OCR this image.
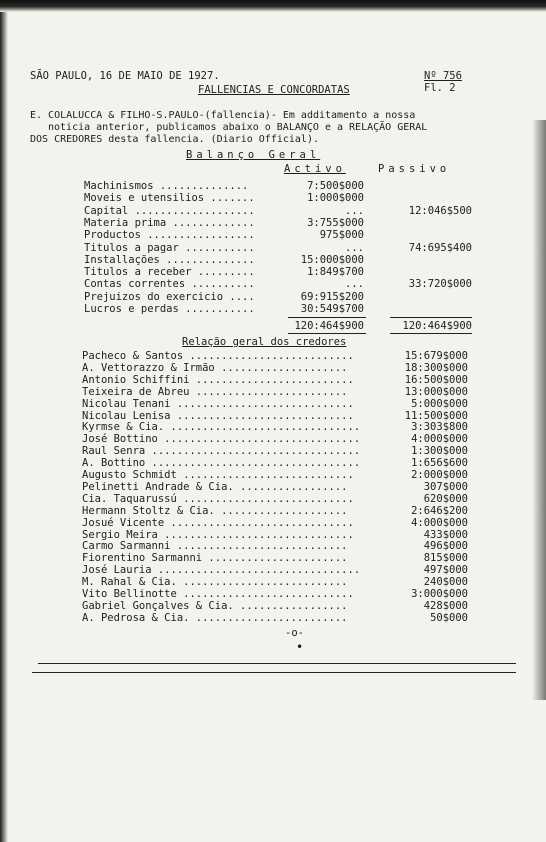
SÃO PAULO, 16 DE MAIO DE 1927.
FALLENCIAS E CONCORDATAS
Nº 756
Fl. 2
E. COLALUCCA & FILHO-S.PAULO-(fallencia)- Em additamento a nossa
noticia anterior, publicamos abaixo o BALANÇO e a RELAÇÃO GERAL
DOS CREDORES desta fallencia. (Diario Official).
Balanço Geral
Activo	Passivo
Machinismos ..............	7:500$000
Moveis e utensilios .......	1:000$000
Capital ...................	...	12:046$500
Materia prima .............	3:755$000
Productos .................	975$000
Titulos a pagar ...........	...	74:695$400
Installações ..............	15:000$000
Titulos a receber .........	1:849$700
Contas correntes ..........	...	33:720$000
Prejuizos do exercicio ....	69:915$200
Lucros e perdas ...........	30:549$700
120:464$900	120:464$900
Relação geral dos credores
Pacheco & Santos ..........................	15:679$000
A. Vettorazzo & Irmão ....................	18:300$000
Antonio Schiffini .........................	16:500$000
Teixeira de Abreu ........................	13:000$000
Nicolau Tenani ............................	5:000$000
Nicolau Lenisa ............................	11:500$000
Kyrmse & Cia. ..............................	3:303$800
José Bottino ...............................	4:000$000
Raul Senra .................................	1:300$000
A. Bottino .................................	1:656$600
Augusto Schmidt ...........................	2:000$000
Pelinetti Andrade & Cia. .................	307$000
Cia. Taquarussú ...........................	620$000
Hermann Stoltz & Cia. ....................	2:646$200
Josué Vicente .............................	4:000$000
Sergio Meira ..............................	433$000
Carmo Sarmanni ...........................	496$000
Fiorentino Sarmanni ......................	815$000
José Lauria ................................	497$000
M. Rahal & Cia. ..........................	240$000
Vito Bellinotte ...........................	3:000$000
Gabriel Gonçalves & Cia. .................	428$000
A. Pedrosa & Cia. ........................	50$000
-o-
•
